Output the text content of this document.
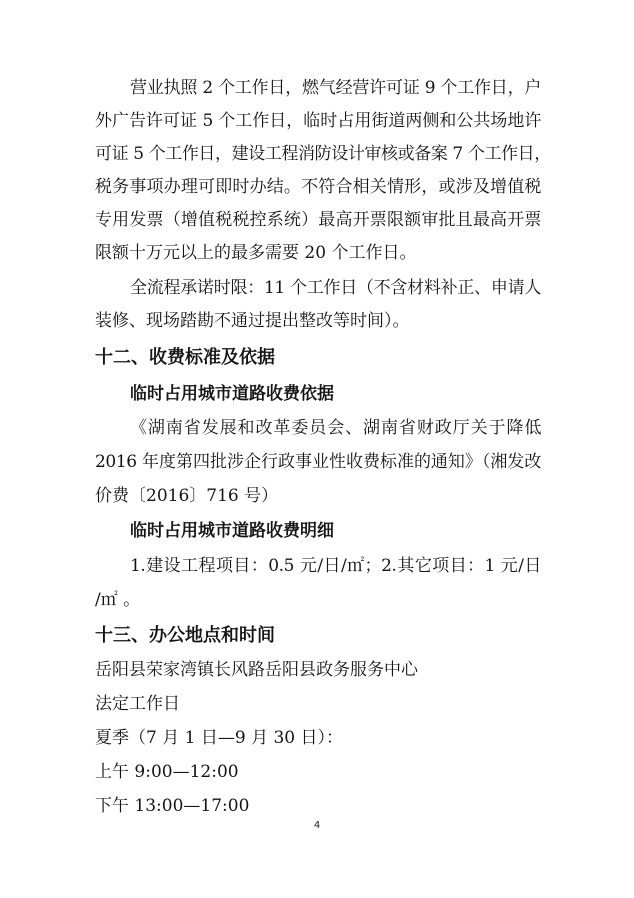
营业执照 2 个工作日，燃气经营许可证 9 个工作日，户
外广告许可证 5 个工作日，临时占用街道两侧和公共场地许
可证 5 个工作日，建设工程消防设计审核或备案 7 个工作日，
税务事项办理可即时办结。不符合相关情形，或涉及增值税
专用发票（增值税税控系统）最高开票限额审批且最高开票
限额十万元以上的最多需要 20 个工作日。
全流程承诺时限：11 个工作日（不含材料补正、申请人
装修、现场踏勘不通过提出整改等时间）。
十二、收费标准及依据
临时占用城市道路收费依据
《湖南省发展和改革委员会、湖南省财政厅关于降低
2016 年度第四批涉企行政事业性收费标准的通知》（湘发改
价费〔2016〕716 号）
临时占用城市道路收费明细
1.建设工程项目：0.5 元/日/㎡；2.其它项目：1 元/日
/㎡ 。
十三、办公地点和时间
岳阳县荣家湾镇长风路岳阳县政务服务中心
法定工作日
夏季（7 月 1 日—9 月 30 日）：
上午 9:00—12:00
下午 13:00—17:00
4
